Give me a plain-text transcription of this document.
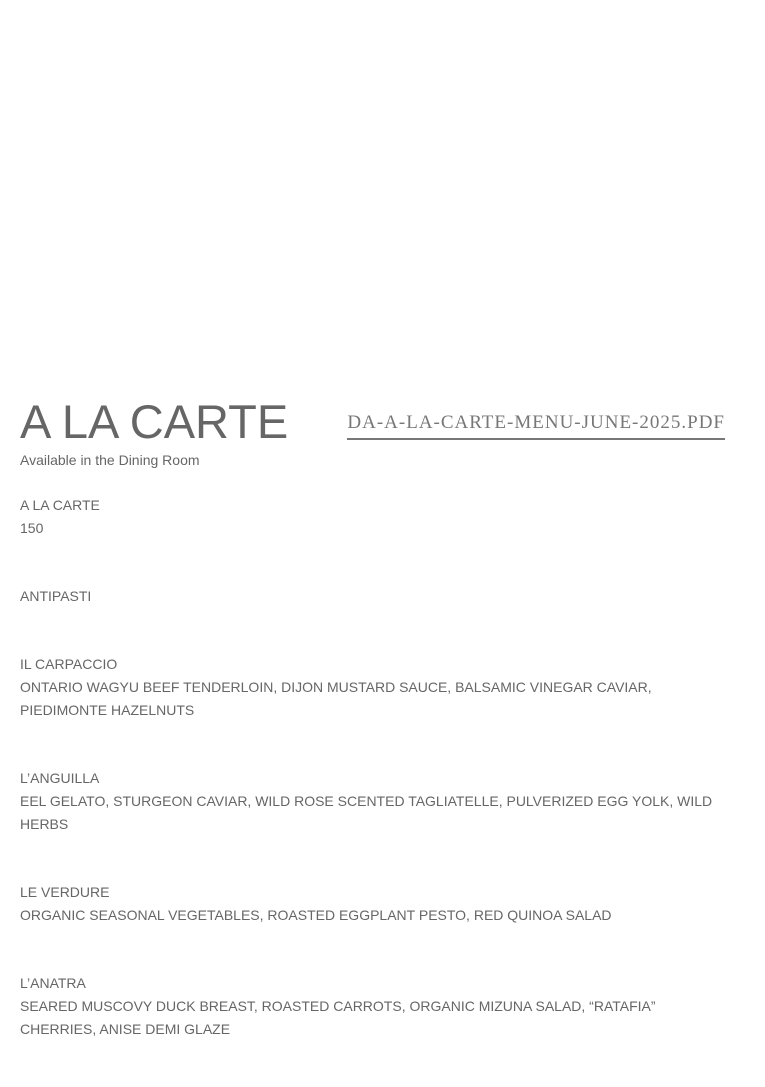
A LA CARTE	DA-A-LA-CARTE-MENU-JUNE-2025.PDF
Available in the Dining Room

A LA CARTE

150

ANTIPASTI

IL CARPACCIO

ONTARIO WAGYU BEEF TENDERLOIN, DIJON MUSTARD SAUCE, BALSAMIC VINEGAR CAVIAR, PIEDIMONTE HAZELNUTS

L’ANGUILLA

EEL GELATO, STURGEON CAVIAR, WILD ROSE SCENTED TAGLIATELLE, PULVERIZED EGG YOLK, WILD HERBS

LE VERDURE

ORGANIC SEASONAL VEGETABLES, ROASTED EGGPLANT PESTO, RED QUINOA SALAD

L’ANATRA

SEARED MUSCOVY DUCK BREAST, ROASTED CARROTS, ORGANIC MIZUNA SALAD, “RATAFIA” CHERRIES, ANISE DEMI GLAZE
